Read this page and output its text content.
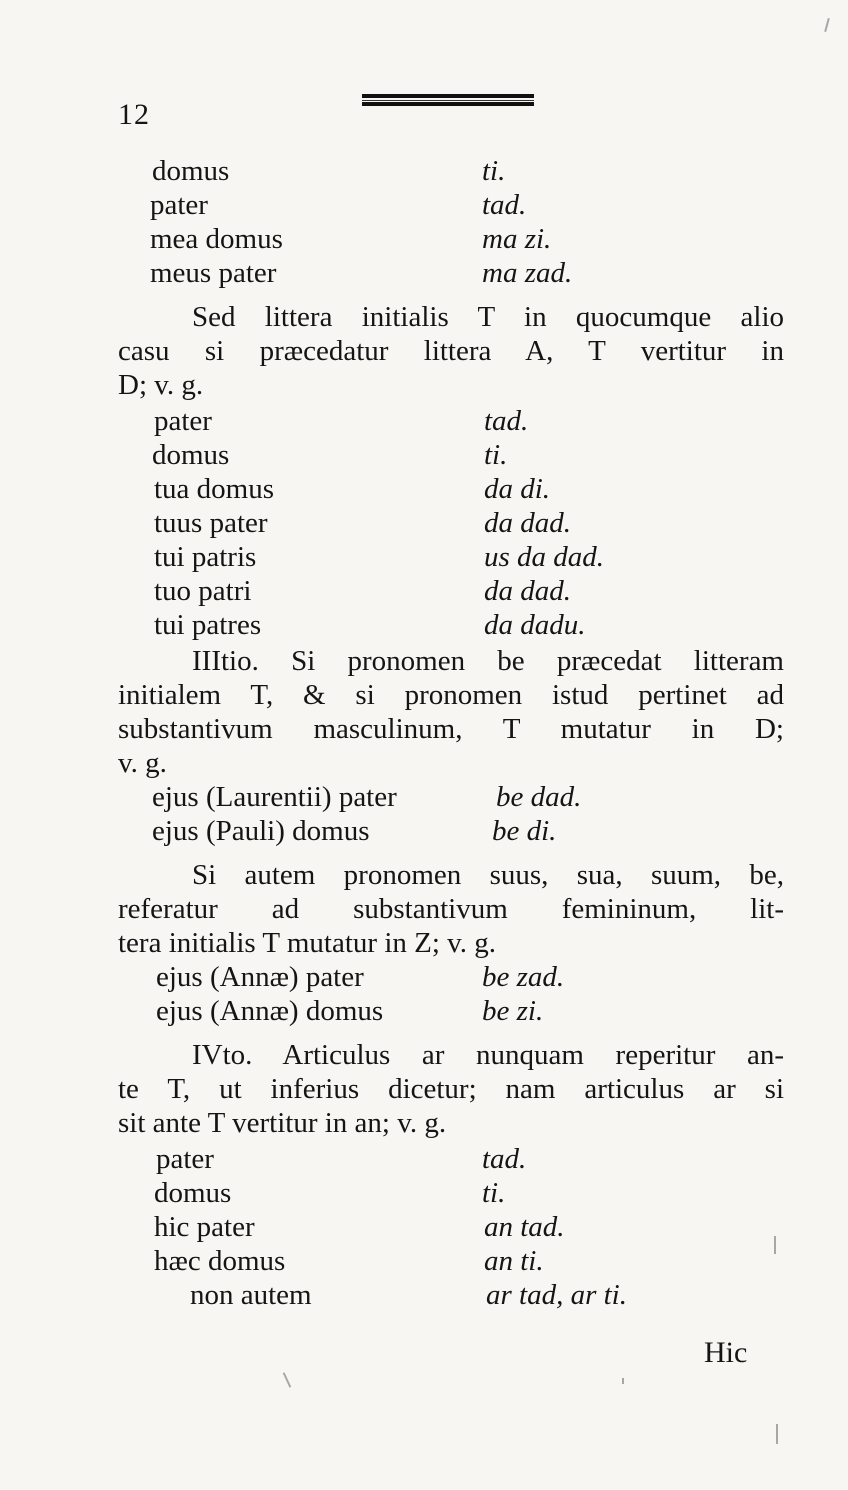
12
domus	ti.
pater	tad.
mea domus	ma zi.
meus pater	ma zad.
Sed littera initialis T in quocumque alio
casu si præcedatur littera A, T vertitur in
D; v. g.
pater	tad.
domus	ti.
tua domus	da di.
tuus pater	da dad.
tui patris	us da dad.
tuo patri	da dad.
tui patres	da dadu.
IIItio. Si pronomen be præcedat litteram
initialem T, & si pronomen istud pertinet ad
substantivum masculinum, T mutatur in D;
v. g.
ejus (Laurentii) pater	be dad.
ejus (Pauli) domus	be di.
Si autem pronomen suus, sua, suum, be,
referatur ad substantivum femininum, lit-
tera initialis T mutatur in Z; v. g.
ejus (Annæ) pater	be zad.
ejus (Annæ) domus	be zi.
IVto. Articulus ar nunquam reperitur an-
te T, ut inferius dicetur; nam articulus ar si
sit ante T vertitur in an; v. g.
pater	tad.
domus	ti.
hic pater	an tad.
hæc domus	an ti.
non autem	ar tad, ar ti.
Hic
